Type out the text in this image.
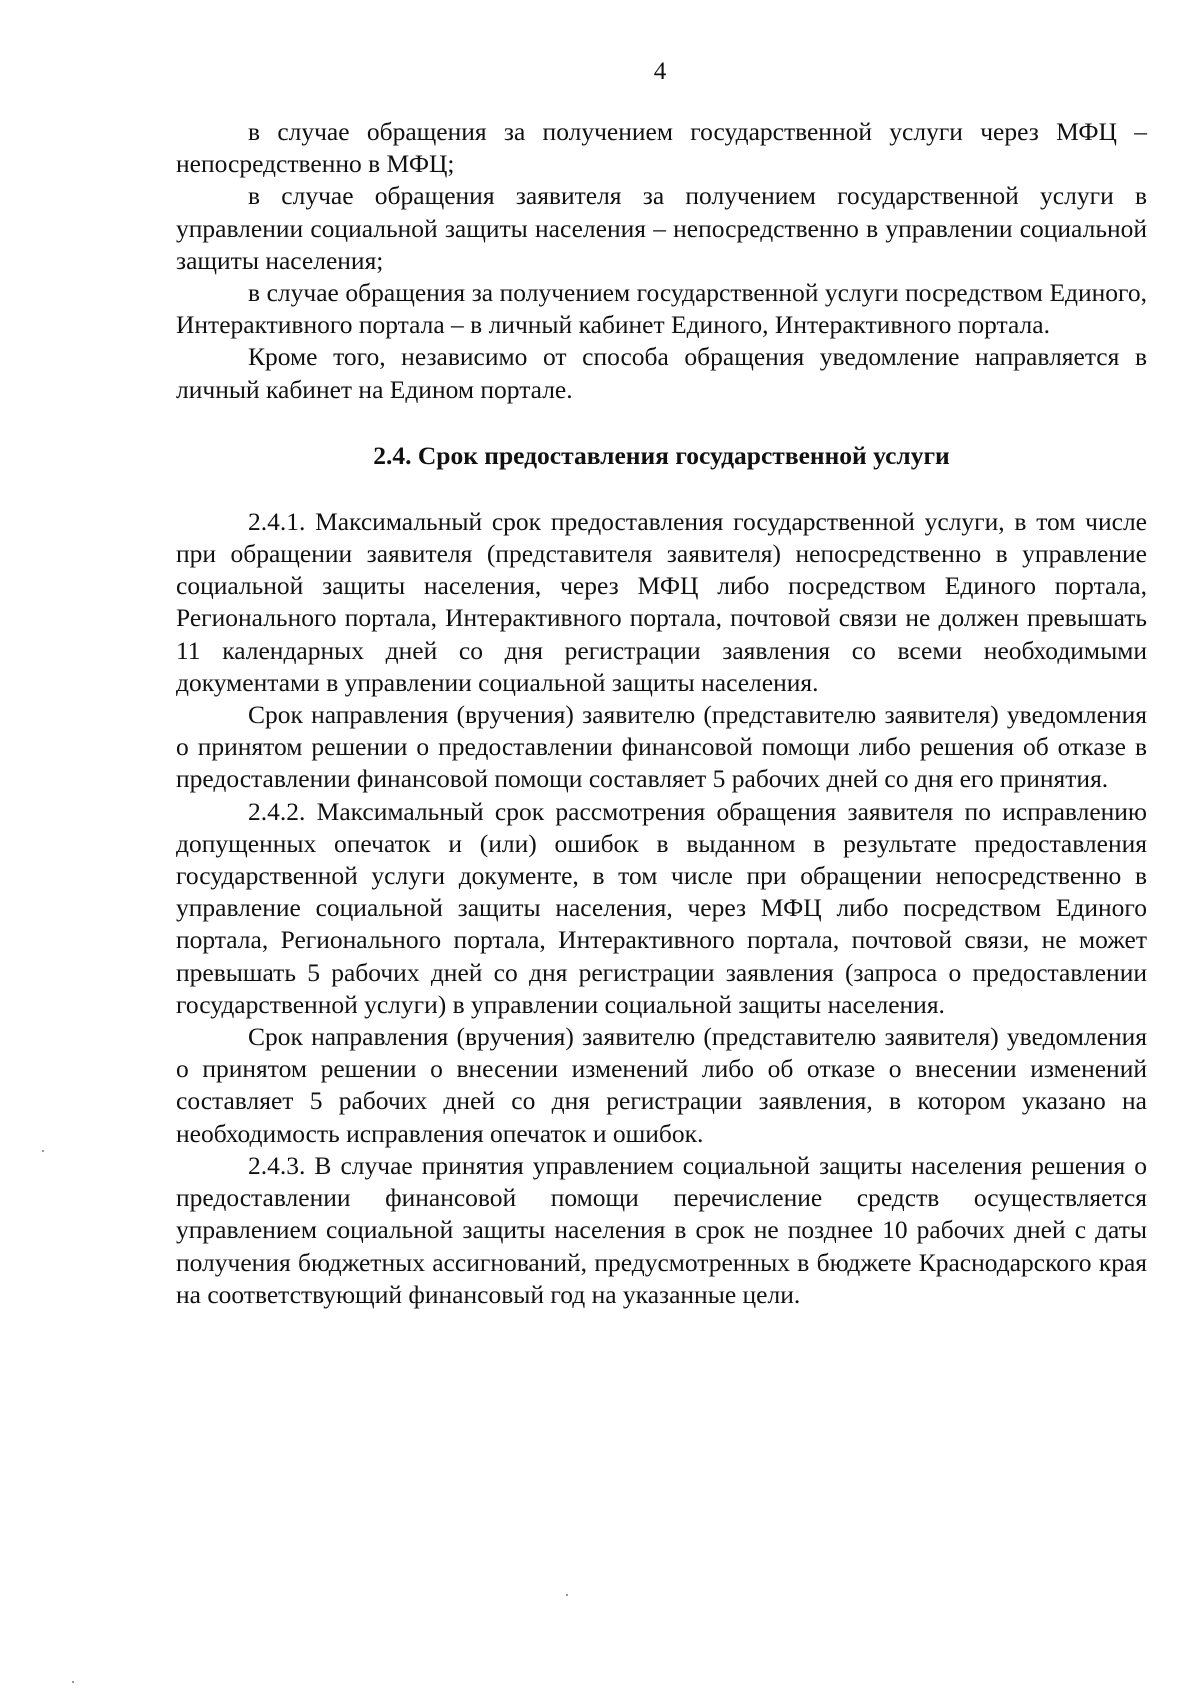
4

в случае обращения за получением государственной услуги через МФЦ – непосредственно в МФЦ;

в случае обращения заявителя за получением государственной услуги в управлении социальной защиты населения – непосредственно в управлении социальной защиты населения;

в случае обращения за получением государственной услуги посредством Единого, Интерактивного портала – в личный кабинет Единого, Интерактивного портала.

Кроме того, независимо от способа обращения уведомление направляется в личный кабинет на Едином портале.

2.4. Срок предоставления государственной услуги

2.4.1. Максимальный срок предоставления государственной услуги, в том числе при обращении заявителя (представителя заявителя) непосредственно в управление социальной защиты населения, через МФЦ либо посредством Единого портала, Регионального портала, Интерактивного портала, почтовой связи не должен превышать 11 календарных дней со дня регистрации заявления со всеми необходимыми документами в управлении социальной защиты населения.

Срок направления (вручения) заявителю (представителю заявителя) уведомления о принятом решении о предоставлении финансовой помощи либо решения об отказе в предоставлении финансовой помощи составляет 5 рабочих дней со дня его принятия.

2.4.2. Максимальный срок рассмотрения обращения заявителя по исправлению допущенных опечаток и (или) ошибок в выданном в результате предоставления государственной услуги документе, в том числе при обращении непосредственно в управление социальной защиты населения, через МФЦ либо посредством Единого портала, Регионального портала, Интерактивного портала, почтовой связи, не может превышать 5 рабочих дней со дня регистрации заявления (запроса о предоставлении государственной услуги) в управлении социальной защиты населения.

Срок направления (вручения) заявителю (представителю заявителя) уведомления о принятом решении о внесении изменений либо об отказе о внесении изменений составляет 5 рабочих дней со дня регистрации заявления, в котором указано на необходимость исправления опечаток и ошибок.

2.4.3. В случае принятия управлением социальной защиты населения решения о предоставлении финансовой помощи перечисление средств осуществляется управлением социальной защиты населения в срок не позднее 10 рабочих дней с даты получения бюджетных ассигнований, предусмотренных в бюджете Краснодарского края на соответствующий финансовый год на указанные цели.
